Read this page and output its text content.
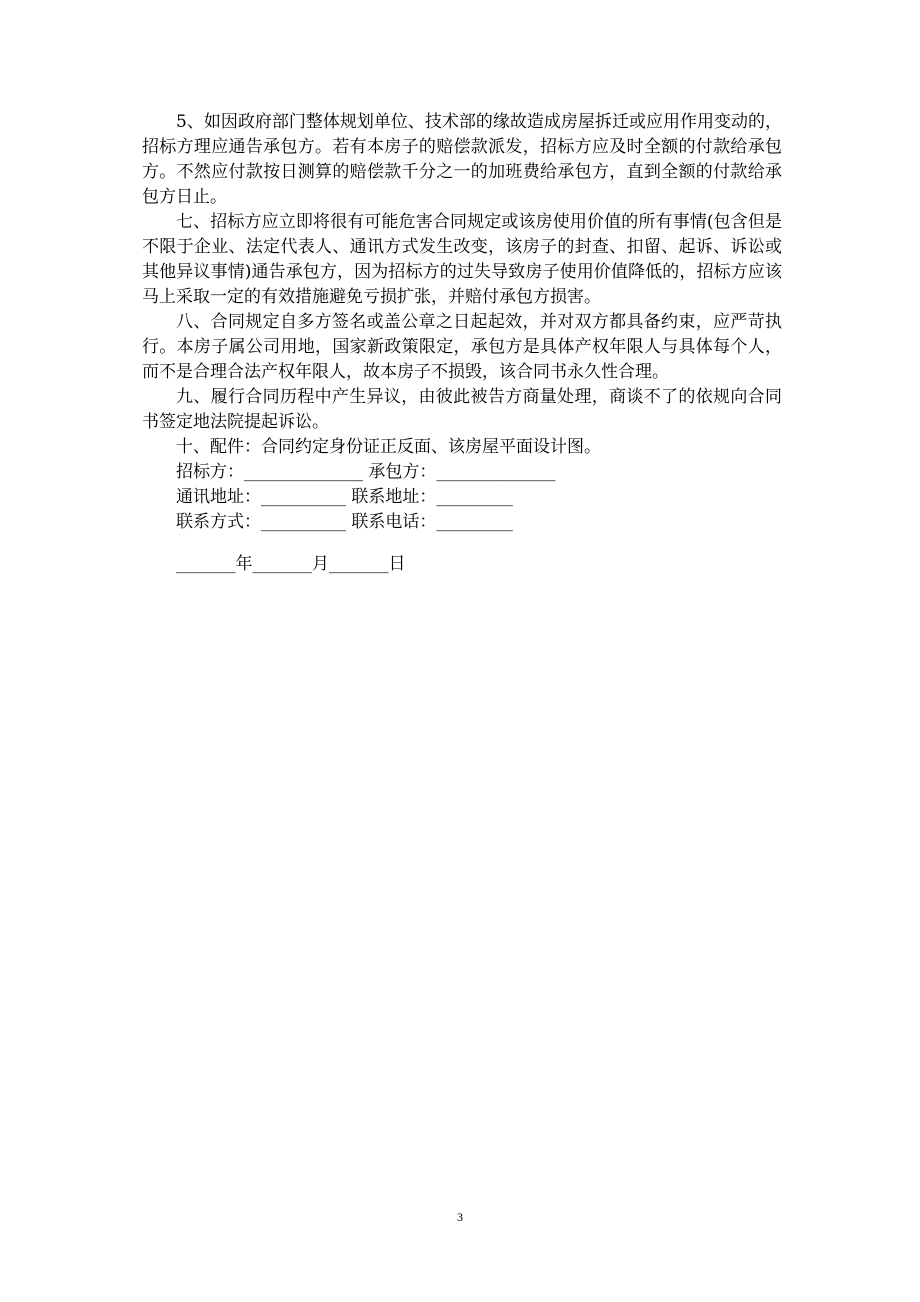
5、如因政府部门整体规划单位、技术部的缘故造成房屋拆迁或应用作用变动的，招标方理应通告承包方。若有本房子的赔偿款派发，招标方应及时全额的付款给承包方。不然应付款按日测算的赔偿款千分之一的加班费给承包方，直到全额的付款给承包方日止。

七、招标方应立即将很有可能危害合同规定或该房使用价值的所有事情(包含但是不限于企业、法定代表人、通讯方式发生改变，该房子的封查、扣留、起诉、诉讼或其他异议事情)通告承包方，因为招标方的过失导致房子使用价值降低的，招标方应该马上采取一定的有效措施避免亏损扩张，并赔付承包方损害。

八、合同规定自多方签名或盖公章之日起起效，并对双方都具备约束，应严苛执行。本房子属公司用地，国家新政策限定，承包方是具体产权年限人与具体每个人，而不是合理合法产权年限人，故本房子不损毁，该合同书永久性合理。

九、履行合同历程中产生异议，由彼此被告方商量处理，商谈不了的依规向合同书签定地法院提起诉讼。

十、配件：合同约定身份证正反面、该房屋平面设计图。

招标方：______________ 承包方：______________

通讯地址：__________ 联系地址：_________

联系方式：__________ 联系电话：_________

_______年_______月_______日

3
